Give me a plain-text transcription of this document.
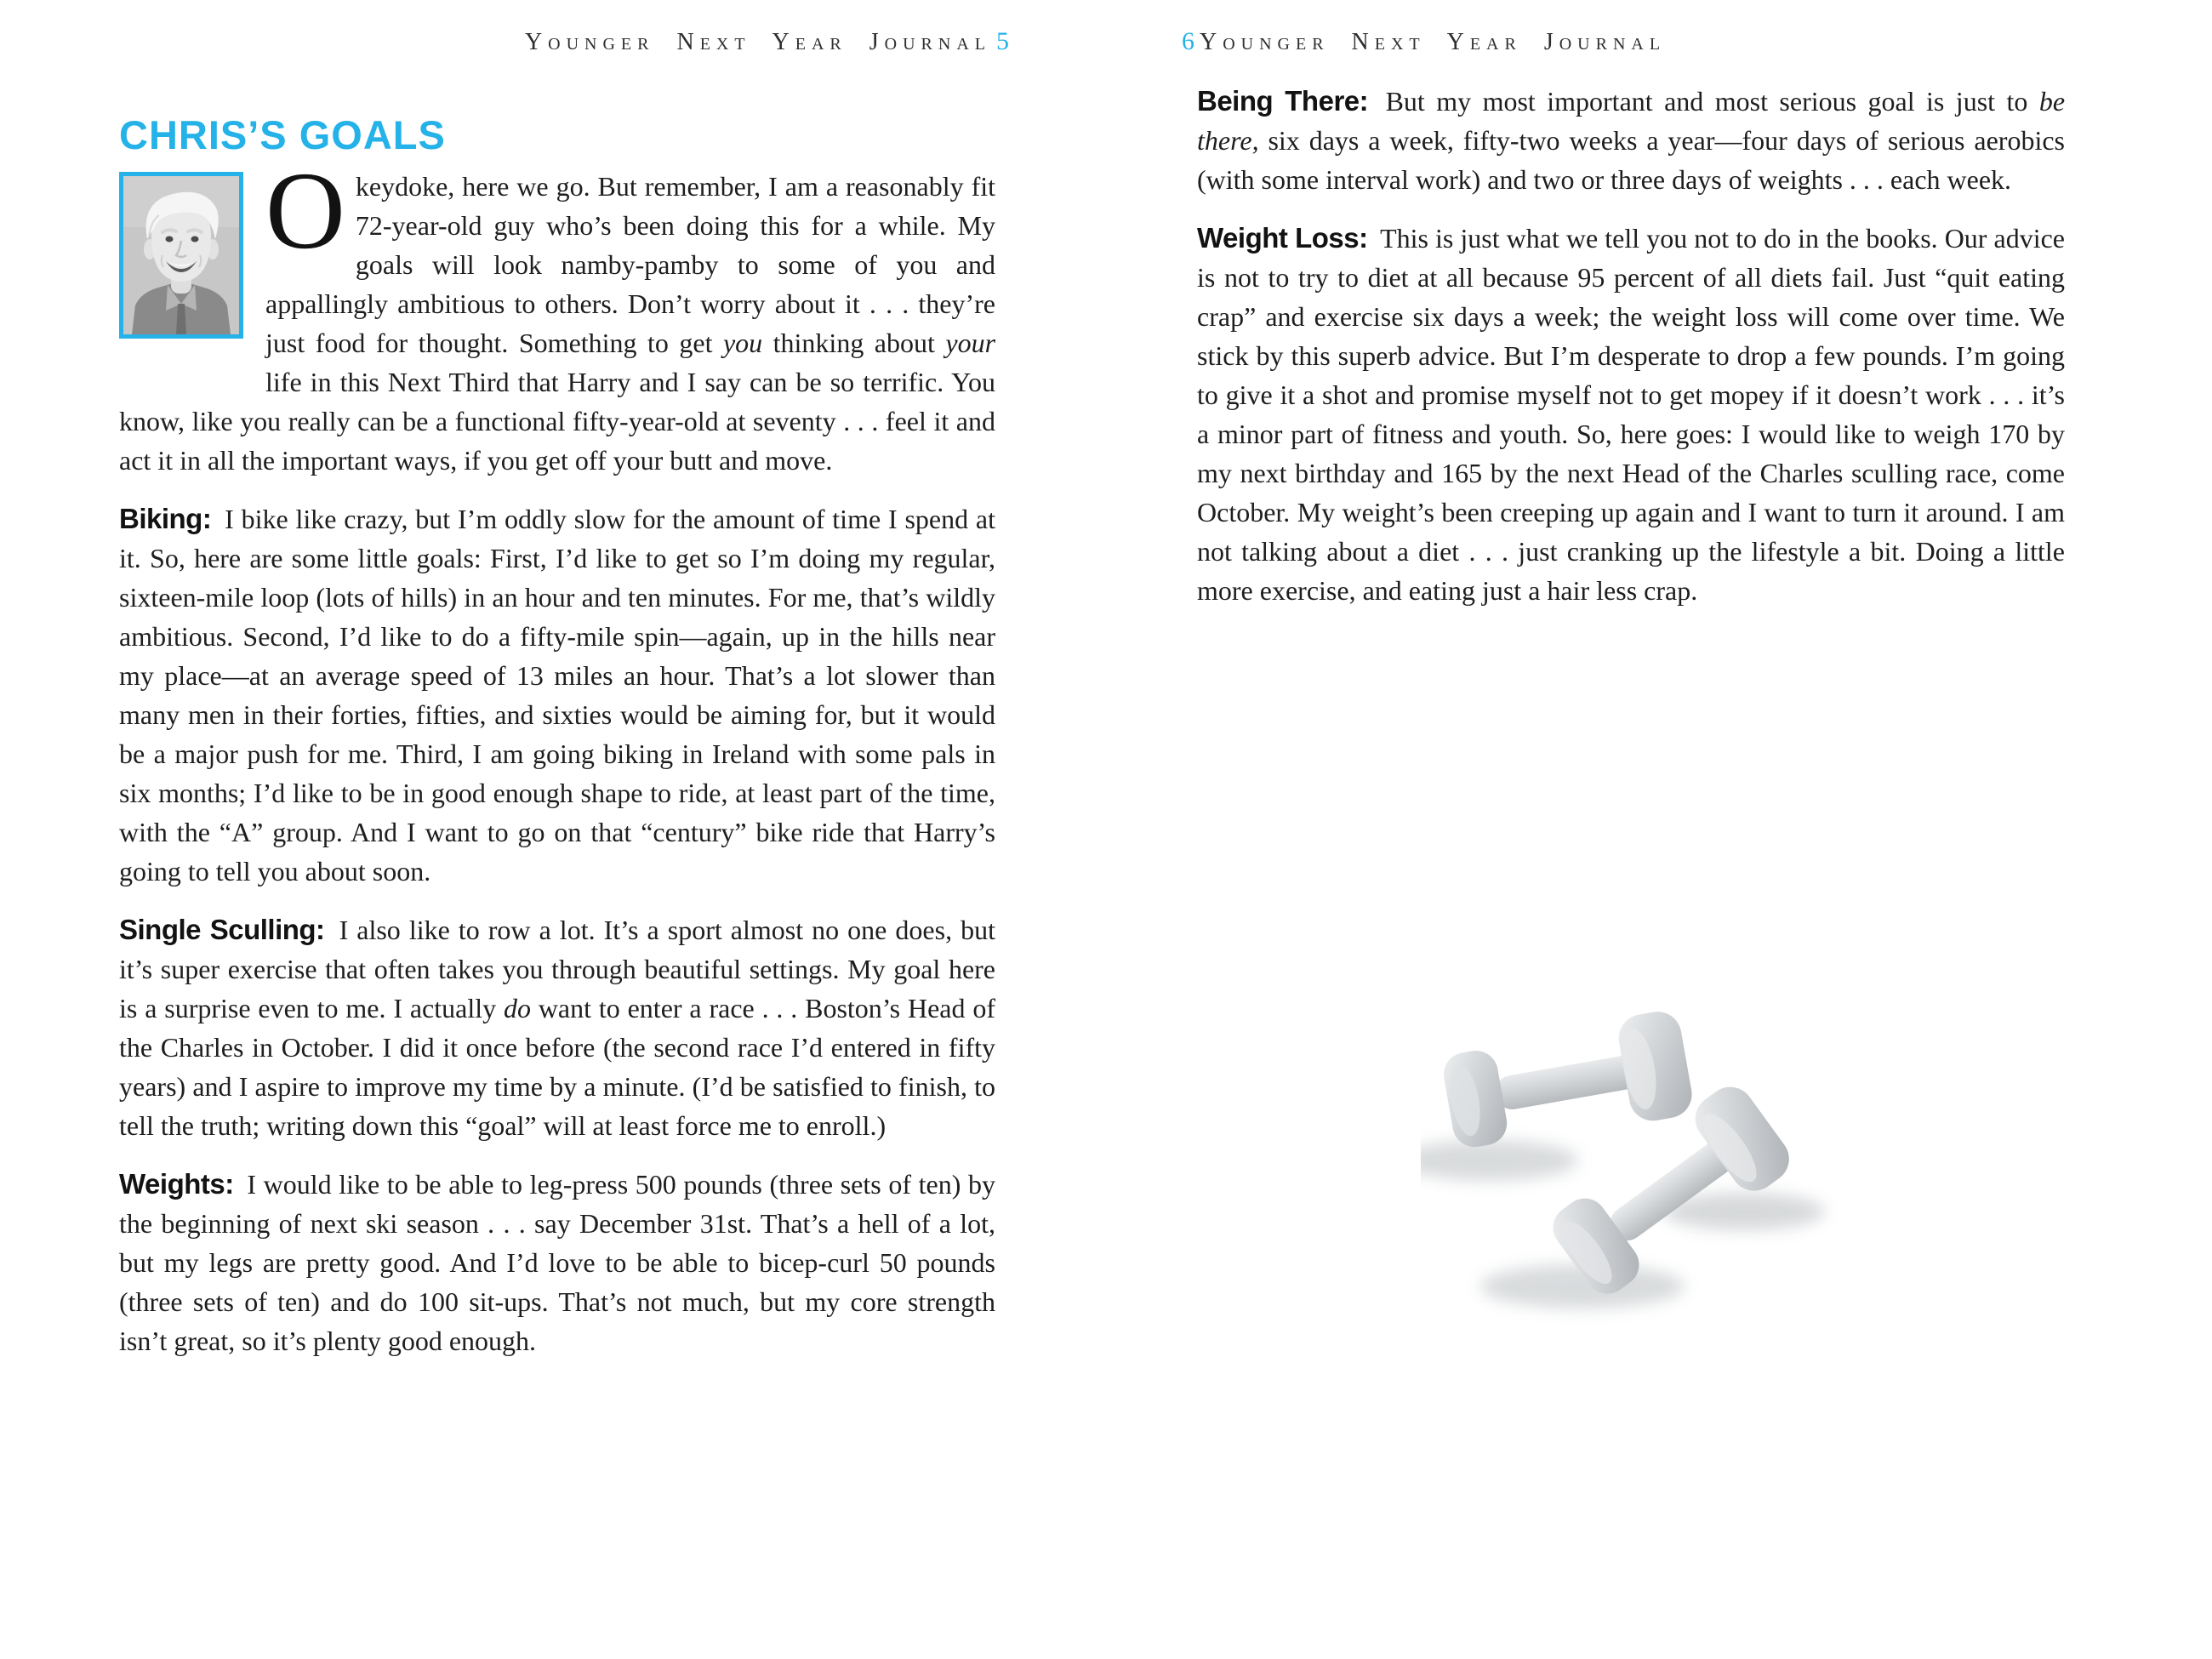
Younger Next Year Journal 5
CHRIS’S GOALS

Okeydoke, here we go. But remember, I am a reasonably fit 72-year-old guy who’s been doing this for a while. My goals will look namby-pamby to some of you and appallingly ambitious to others. Don’t worry about it . . . they’re just food for thought. Something to get you thinking about your life in this Next Third that Harry and I say can be so terrific. You know, like you really can be a functional fifty-year-old at seventy . . . feel it and act it in all the important ways, if you get off your butt and move.

Biking: I bike like crazy, but I’m oddly slow for the amount of time I spend at it. So, here are some little goals: First, I’d like to get so I’m doing my regular, sixteen-mile loop (lots of hills) in an hour and ten minutes. For me, that’s wildly ambitious. Second, I’d like to do a fifty-mile spin—again, up in the hills near my place—at an average speed of 13 miles an hour. That’s a lot slower than many men in their forties, fifties, and sixties would be aiming for, but it would be a major push for me. Third, I am going biking in Ireland with some pals in six months; I’d like to be in good enough shape to ride, at least part of the time, with the “A” group. And I want to go on that “century” bike ride that Harry’s going to tell you about soon.

Single Sculling: I also like to row a lot. It’s a sport almost no one does, but it’s super exercise that often takes you through beautiful settings. My goal here is a surprise even to me. I actually do want to enter a race . . . Boston’s Head of the Charles in October. I did it once before (the second race I’d entered in fifty years) and I aspire to improve my time by a minute. (I’d be satisfied to finish, to tell the truth; writing down this “goal” will at least force me to enroll.)

Weights: I would like to be able to leg-press 500 pounds (three sets of ten) by the beginning of next ski season . . . say December 31st. That’s a hell of a lot, but my legs are pretty good. And I’d love to be able to bicep-curl 50 pounds (three sets of ten) and do 100 sit-ups. That’s not much, but my core strength isn’t great, so it’s plenty good enough.

6 Younger Next Year Journal

Being There: But my most important and most serious goal is just to be there, six days a week, fifty-two weeks a year—four days of serious aerobics (with some interval work) and two or three days of weights . . . each week.

Weight Loss: This is just what we tell you not to do in the books. Our advice is not to try to diet at all because 95 percent of all diets fail. Just “quit eating crap” and exercise six days a week; the weight loss will come over time. We stick by this superb advice. But I’m desperate to drop a few pounds. I’m going to give it a shot and promise myself not to get mopey if it doesn’t work . . . it’s a minor part of fitness and youth. So, here goes: I would like to weigh 170 by my next birthday and 165 by the next Head of the Charles sculling race, come October. My weight’s been creeping up again and I want to turn it around. I am not talking about a diet . . . just cranking up the lifestyle a bit. Doing a little more exercise, and eating just a hair less crap.
